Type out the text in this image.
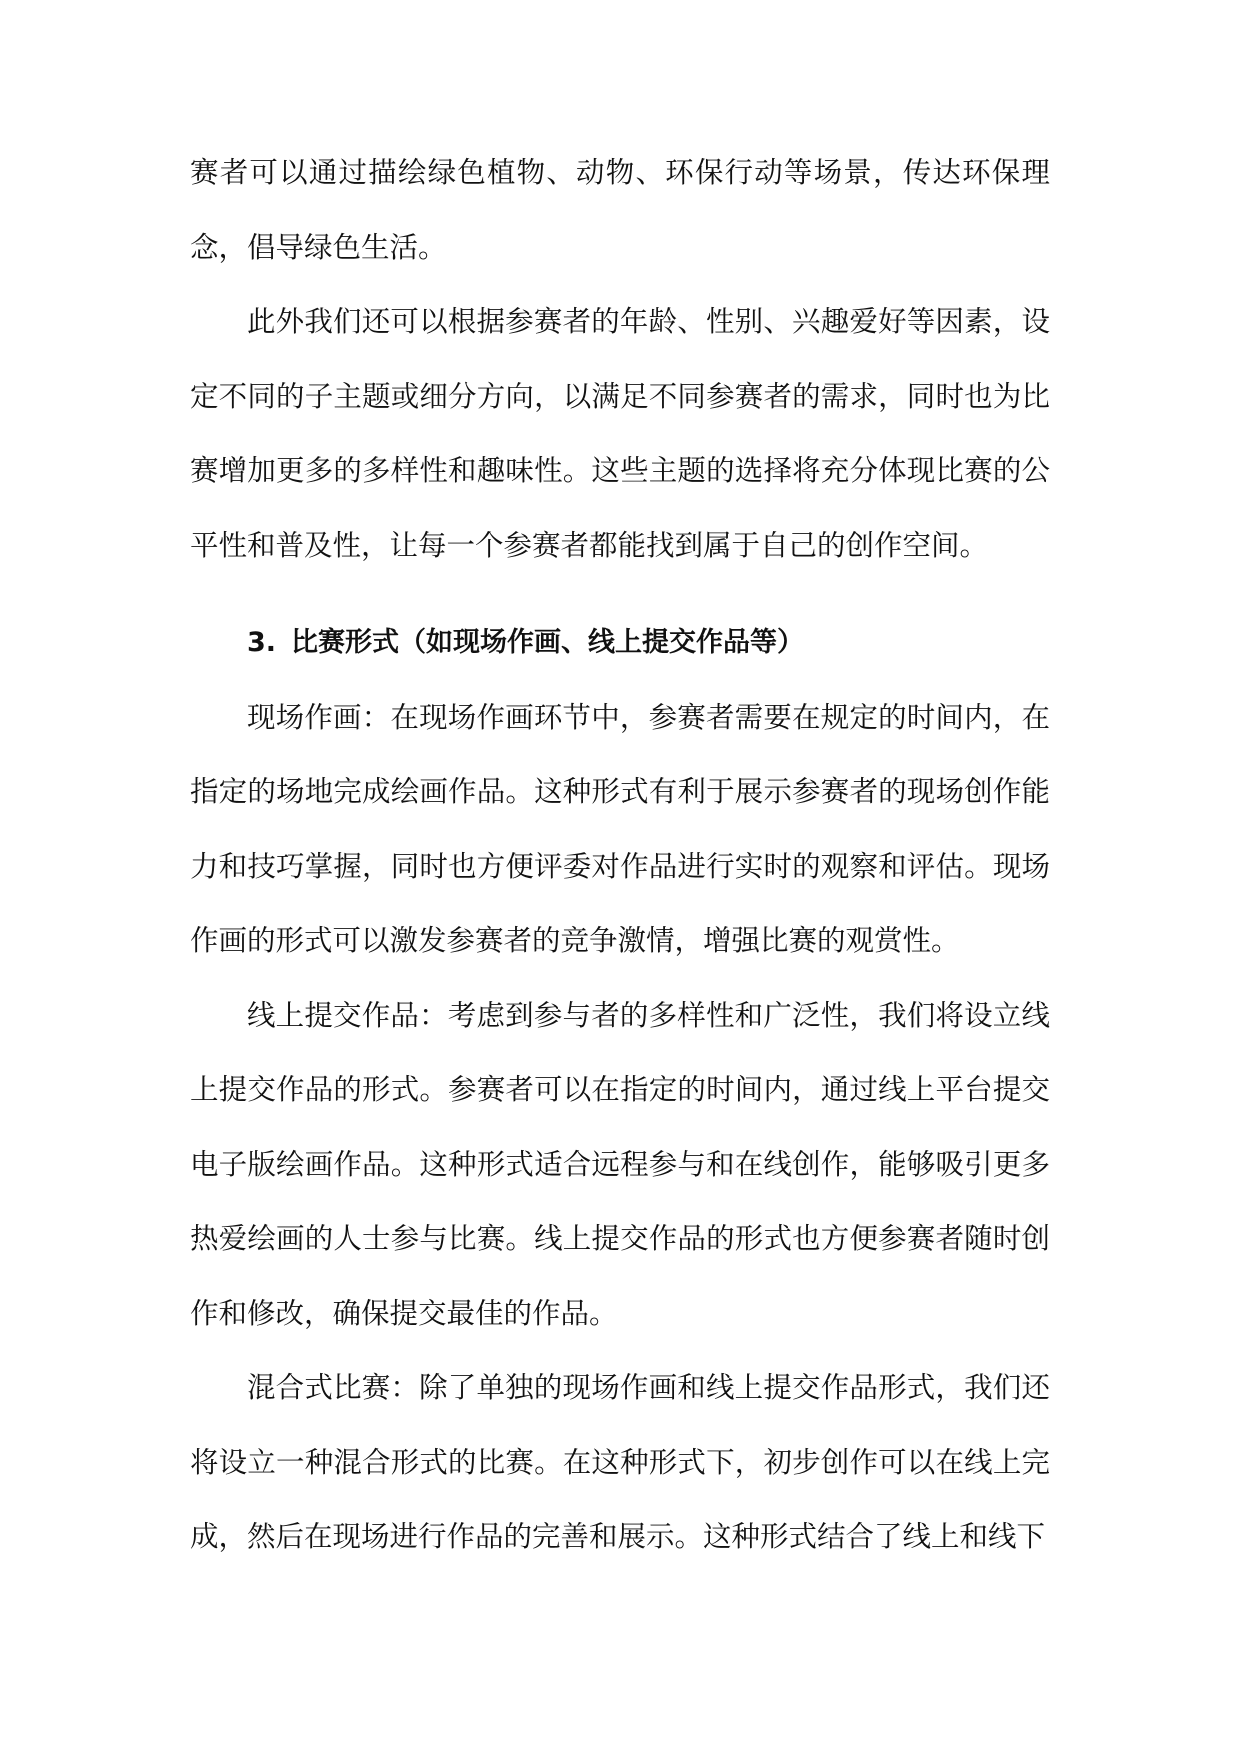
赛者可以通过描绘绿色植物、动物、环保行动等场景，传达环保理念，倡导绿色生活。

此外我们还可以根据参赛者的年龄、性别、兴趣爱好等因素，设定不同的子主题或细分方向，以满足不同参赛者的需求，同时也为比赛增加更多的多样性和趣味性。这些主题的选择将充分体现比赛的公平性和普及性，让每一个参赛者都能找到属于自己的创作空间。

3. 比赛形式（如现场作画、线上提交作品等）

现场作画：在现场作画环节中，参赛者需要在规定的时间内，在指定的场地完成绘画作品。这种形式有利于展示参赛者的现场创作能力和技巧掌握，同时也方便评委对作品进行实时的观察和评估。现场作画的形式可以激发参赛者的竞争激情，增强比赛的观赏性。

线上提交作品：考虑到参与者的多样性和广泛性，我们将设立线上提交作品的形式。参赛者可以在指定的时间内，通过线上平台提交电子版绘画作品。这种形式适合远程参与和在线创作，能够吸引更多热爱绘画的人士参与比赛。线上提交作品的形式也方便参赛者随时创作和修改，确保提交最佳的作品。

混合式比赛：除了单独的现场作画和线上提交作品形式，我们还将设立一种混合形式的比赛。在这种形式下，初步创作可以在线上完成，然后在现场进行作品的完善和展示。这种形式结合了线上和线下
